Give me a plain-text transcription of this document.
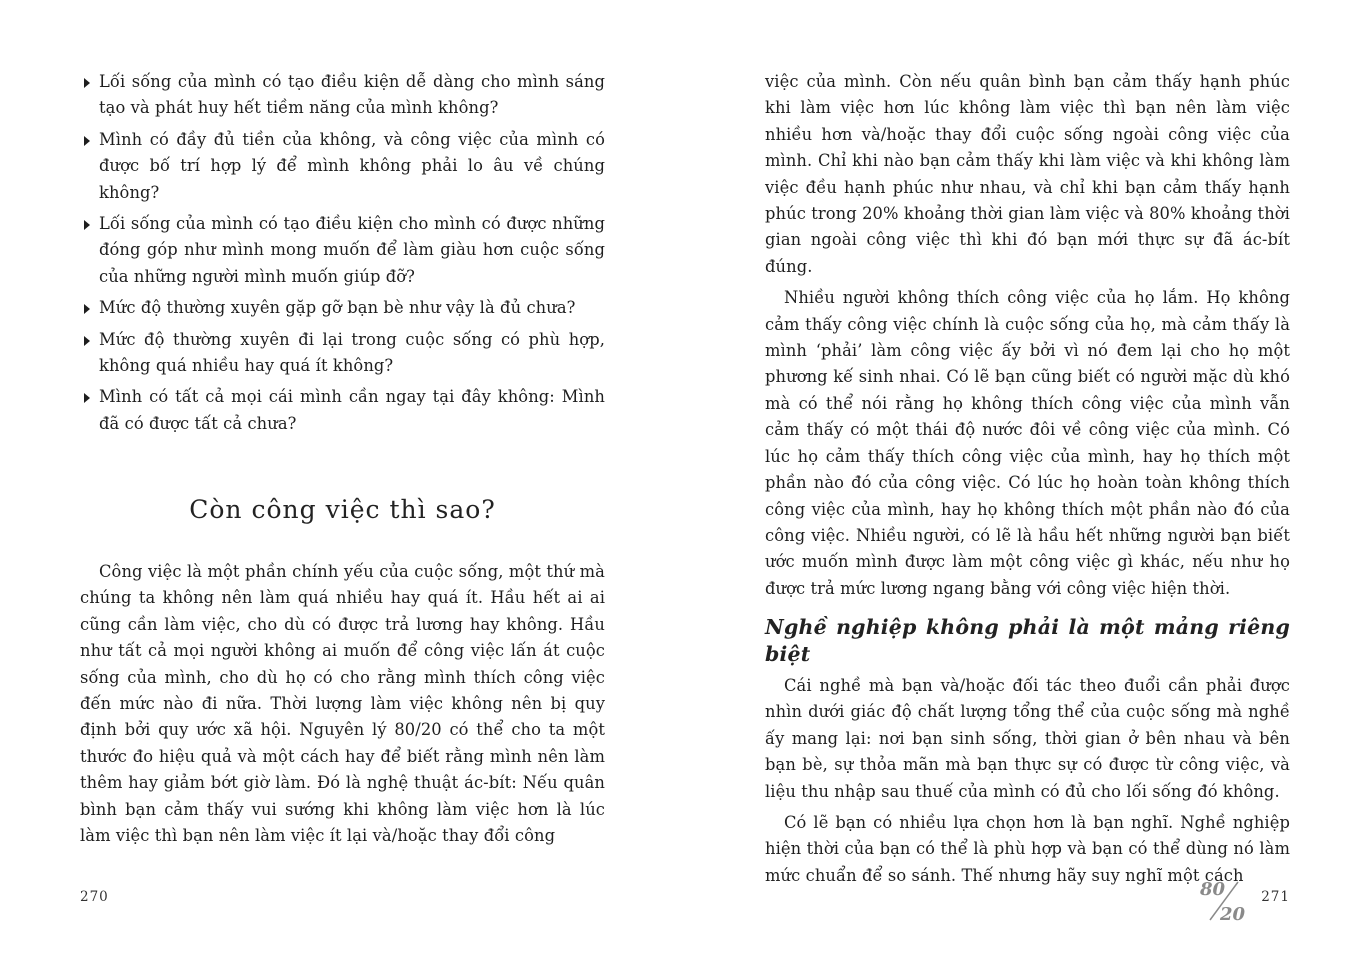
Lối sống của mình có tạo điều kiện dễ dàng cho mình sáng tạo và phát huy hết tiềm năng của mình không?
Mình có đầy đủ tiền của không, và công việc của mình có được bố trí hợp lý để mình không phải lo âu về chúng không?
Lối sống của mình có tạo điều kiện cho mình có được những đóng góp như mình mong muốn để làm giàu hơn cuộc sống của những người mình muốn giúp đỡ?
Mức độ thường xuyên gặp gỡ bạn bè như vậy là đủ chưa?
Mức độ thường xuyên đi lại trong cuộc sống có phù hợp, không quá nhiều hay quá ít không?
Mình có tất cả mọi cái mình cần ngay tại đây không: Mình đã có được tất cả chưa?
Còn công việc thì sao?

Công việc là một phần chính yếu của cuộc sống, một thứ mà chúng ta không nên làm quá nhiều hay quá ít. Hầu hết ai ai cũng cần làm việc, cho dù có được trả lương hay không. Hầu như tất cả mọi người không ai muốn để công việc lấn át cuộc sống của mình, cho dù họ có cho rằng mình thích công việc đến mức nào đi nữa. Thời lượng làm việc không nên bị quy định bởi quy ước xã hội. Nguyên lý 80/20 có thể cho ta một thước đo hiệu quả và một cách hay để biết rằng mình nên làm thêm hay giảm bớt giờ làm. Đó là nghệ thuật ác-bít: Nếu quân bình bạn cảm thấy vui sướng khi không làm việc hơn là lúc làm việc thì bạn nên làm việc ít lại và/hoặc thay đổi công

270

việc của mình. Còn nếu quân bình bạn cảm thấy hạnh phúc khi làm việc hơn lúc không làm việc thì bạn nên làm việc nhiều hơn và/hoặc thay đổi cuộc sống ngoài công việc của mình. Chỉ khi nào bạn cảm thấy khi làm việc và khi không làm việc đều hạnh phúc như nhau, và chỉ khi bạn cảm thấy hạnh phúc trong 20% khoảng thời gian làm việc và 80% khoảng thời gian ngoài công việc thì khi đó bạn mới thực sự đã ác-bít đúng.

Nhiều người không thích công việc của họ lắm. Họ không cảm thấy công việc chính là cuộc sống của họ, mà cảm thấy là mình ‘phải’ làm công việc ấy bởi vì nó đem lại cho họ một phương kế sinh nhai. Có lẽ bạn cũng biết có người mặc dù khó mà có thể nói rằng họ không thích công việc của mình vẫn cảm thấy có một thái độ nước đôi về công việc của mình. Có lúc họ cảm thấy thích công việc của mình, hay họ thích một phần nào đó của công việc. Có lúc họ hoàn toàn không thích công việc của mình, hay họ không thích một phần nào đó của công việc. Nhiều người, có lẽ là hầu hết những người bạn biết ước muốn mình được làm một công việc gì khác, nếu như họ được trả mức lương ngang bằng với công việc hiện thời.

Nghề nghiệp không phải là một mảng riêng biệt

Cái nghề mà bạn và/hoặc đối tác theo đuổi cần phải được nhìn dưới giác độ chất lượng tổng thể của cuộc sống mà nghề ấy mang lại: nơi bạn sinh sống, thời gian ở bên nhau và bên bạn bè, sự thỏa mãn mà bạn thực sự có được từ công việc, và liệu thu nhập sau thuế của mình có đủ cho lối sống đó không.

Có lẽ bạn có nhiều lựa chọn hơn là bạn nghĩ. Nghề nghiệp hiện thời của bạn có thể là phù hợp và bạn có thể dùng nó làm mức chuẩn để so sánh. Thế nhưng hãy suy nghĩ một cách

80
20
271
